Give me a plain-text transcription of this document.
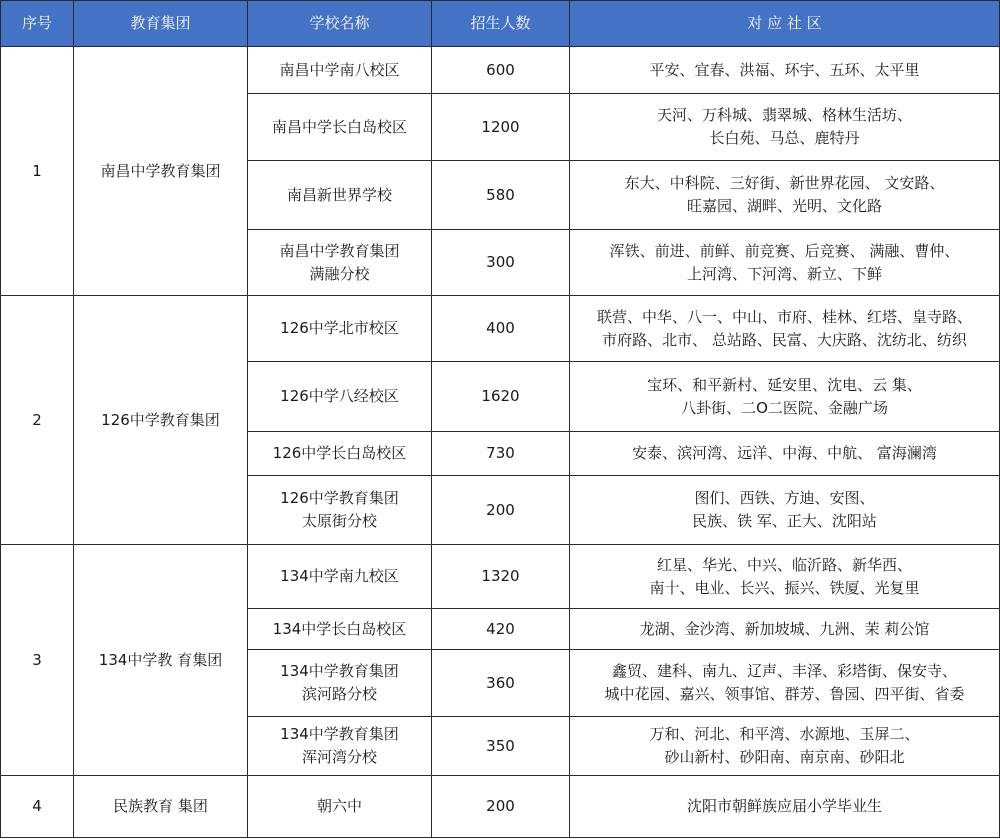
序号	教育集团	学校名称	招生人数	对 应 社 区
1	南昌中学教育集团	南昌中学南八校区	600	平安、宜春、洪福、环宇、五环、太平里
		南昌中学长白岛校区	1200	天河、万科城、翡翠城、格林生活坊、
长白苑、马总、鹿特丹
		南昌新世界学校	580	东大、中科院、三好街、新世界花园、 文安路、
旺嘉园、湖畔、光明、文化路
		南昌中学教育集团
满融分校	300	浑铁、前进、前鲜、前竞赛、后竞赛、 满融、曹仲、
上河湾、下河湾、新立、下鲜
2	126中学教育集团	126中学北市校区	400	联营、中华、八一、中山、市府、桂林、红塔、皇寺路、
市府路、北市、 总站路、民富、大庆路、沈纺北、纺织
		126中学八经校区	1620	宝环、和平新村、延安里、沈电、云 集、
八卦街、二O二医院、金融广场
		126中学长白岛校区	730	安泰、滨河湾、远洋、中海、中航、 富海澜湾
		126中学教育集团
太原街分校	200	图们、西铁、方迪、安图、
民族、铁 军、正大、沈阳站
3	134中学教 育集团	134中学南九校区	1320	红星、华光、中兴、临沂路、新华西、
南十、电业、长兴、振兴、铁厦、光复里
		134中学长白岛校区	420	龙湖、金沙湾、新加坡城、九洲、茉 莉公馆
		134中学教育集团
滨河路分校	360	鑫贸、建科、南九、辽声、丰泽、彩塔街、保安寺、
城中花园、嘉兴、领事馆、群芳、鲁园、四平街、省委
		134中学教育集团
浑河湾分校	350	万和、河北、和平湾、水源地、玉屏二、
砂山新村、砂阳南、南京南、砂阳北
4	民族教育 集团	朝六中	200	沈阳市朝鲜族应届小学毕业生
